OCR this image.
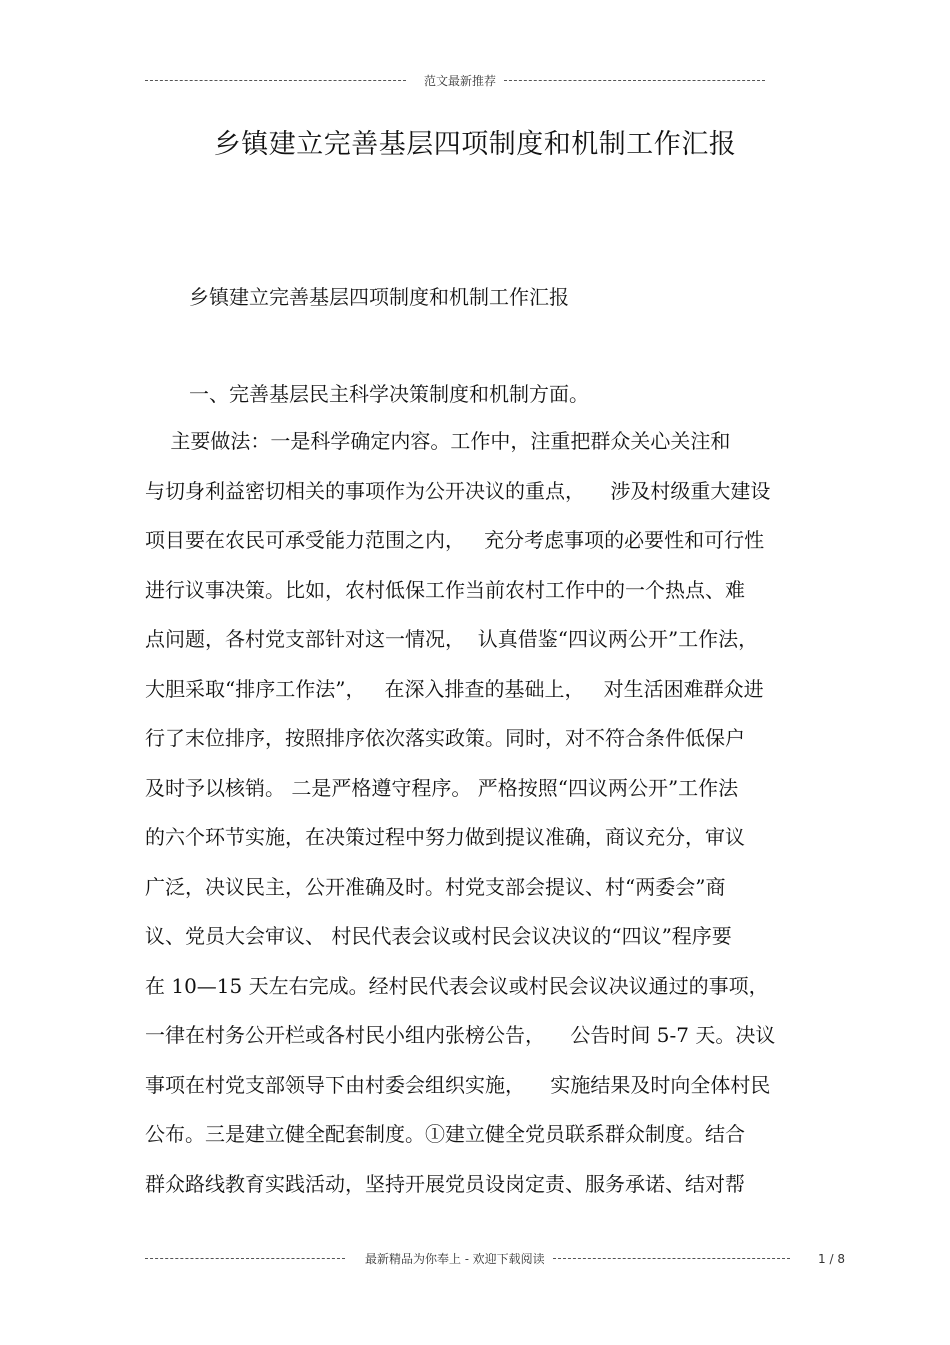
范文最新推荐
乡镇建立完善基层四项制度和机制工作汇报
乡镇建立完善基层四项制度和机制工作汇报
一、完善基层民主科学决策制度和机制方面。
主要做法：一是科学确定内容。工作中，注重把群众关心关注和
与切身利益密切相关的事项作为公开决议的重点，    涉及村级重大建设
项目要在农民可承受能力范围之内，   充分考虑事项的必要性和可行性
进行议事决策。比如，农村低保工作当前农村工作中的一个热点、难
点问题，各村党支部针对这一情况，  认真借鉴“四议两公开”工作法，
大胆采取“排序工作法”，   在深入排查的基础上，   对生活困难群众进
行了末位排序，按照排序依次落实政策。同时，对不符合条件低保户
及时予以核销。 二是严格遵守程序。 严格按照“四议两公开”工作法
的六个环节实施，在决策过程中努力做到提议准确，商议充分，审议
广泛，决议民主，公开准确及时。村党支部会提议、村“两委会”商
议、党员大会审议、 村民代表会议或村民会议决议的“四议”程序要
在 10—15 天左右完成。经村民代表会议或村民会议决议通过的事项，
一律在村务公开栏或各村民小组内张榜公告，    公告时间 5-7 天。决议
事项在村党支部领导下由村委会组织实施，    实施结果及时向全体村民
公布。三是建立健全配套制度。①建立健全党员联系群众制度。结合
群众路线教育实践活动，坚持开展党员设岗定责、服务承诺、结对帮
最新精品为你奉上 - 欢迎下载阅读	1 / 8
